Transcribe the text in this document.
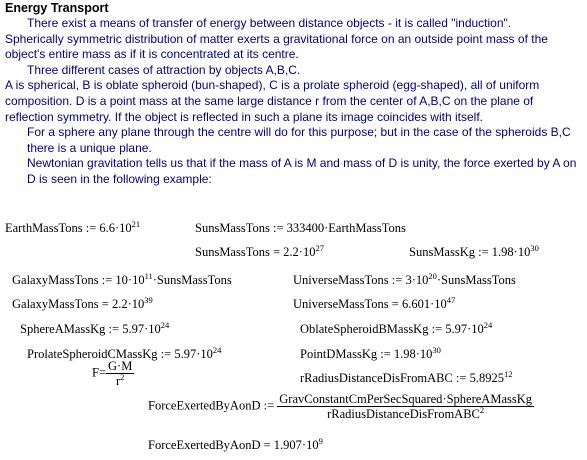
Energy Transport

There exist a means of transfer of energy between distance objects - it is called "induction".

Spherically symmetric distribution of matter exerts a gravitational force on an outside point mass of the object's entire mass as if it is concentrated at its centre.

Three different cases of attraction by objects A,B,C.

A is spherical, B is oblate spheroid (bun-shaped), C is a prolate spheroid (egg-shaped), all of uniform composition. D is a point mass at the same large distance r from the center of A,B,C on the plane of reflection symmetry. If the object is reflected in such a plane its image coincides with itself.

For a sphere any plane through the centre will do for this purpose; but in the case of the spheroids B,C there is a unique plane.

Newtonian gravitation tells us that if the mass of A is M and mass of D is unity, the force exerted by A on D is seen in the following example:

EarthMassTons := $6.6\cdot 10^{21}$	SunsMassTons := 333400·EarthMassTons
SunsMassTons = $2.2\cdot 10^{27}$	SunsMassKg := $1.98\cdot 10^{30}$
GalaxyMassTons := $10\cdot 10^{11}\cdot SunsMassTons$	UniverseMassTons := $3\cdot 10^{20}\cdot SunsMassTons$
GalaxyMassTons = $2.2\cdot 10^{39}$	UniverseMassTons = $6.601\cdot 10^{47}$
SphereAMassKg := $5.97\cdot 10^{24}$	OblateSpheroidBMassKg := $5.97\cdot 10^{24}$
ProlateSpheroidCMassKg := $5.97\cdot 10^{24}$	PointDMassKg := $1.98\cdot 10^{30}$
$F= \frac{G\cdot M}{r^2}$	rRadiusDistanceDisFromABC := $5.8925^{12}$
ForceExertedByAonD := $\frac{\text{GravConstantCmPerSecSquared·SphereAMassKg}}{rRadiusDistanceDisFromABC^2}$
ForceExertedByAonD = $1.907\cdot 10^9$
